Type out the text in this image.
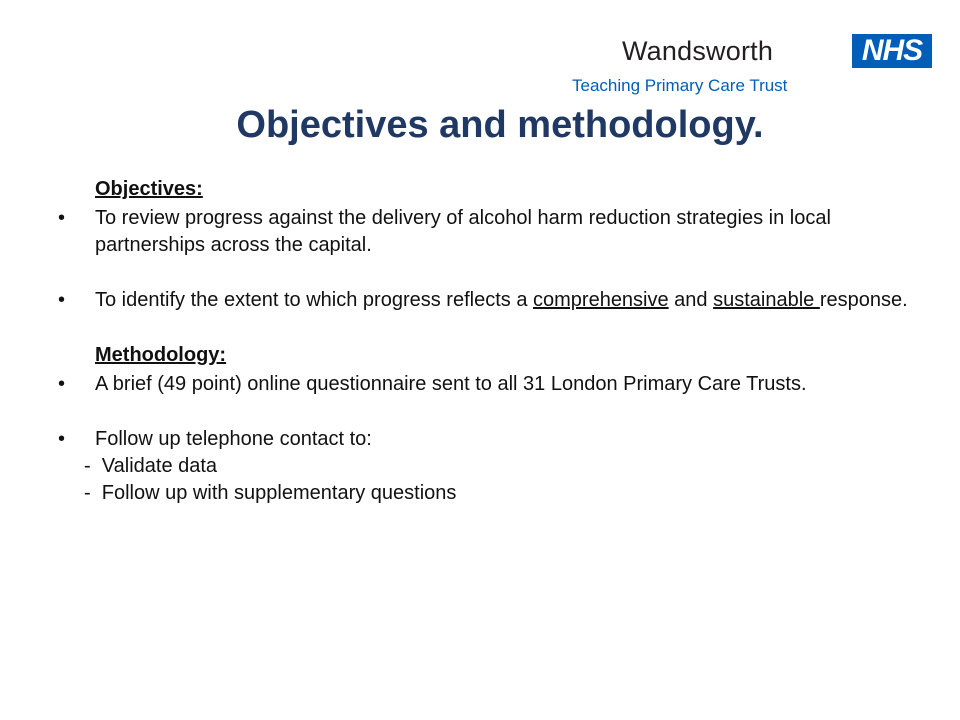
Wandsworth	NHS
Teaching Primary Care Trust
Objectives and methodology.
Objectives:
• To review progress against the delivery of alcohol harm reduction strategies in local partnerships across the capital.
• To identify the extent to which progress reflects a comprehensive and sustainable response.
Methodology:
• A brief (49 point) online questionnaire sent to all 31 London Primary Care Trusts.
• Follow up telephone contact to:
-  Validate data
-  Follow up with supplementary questions
